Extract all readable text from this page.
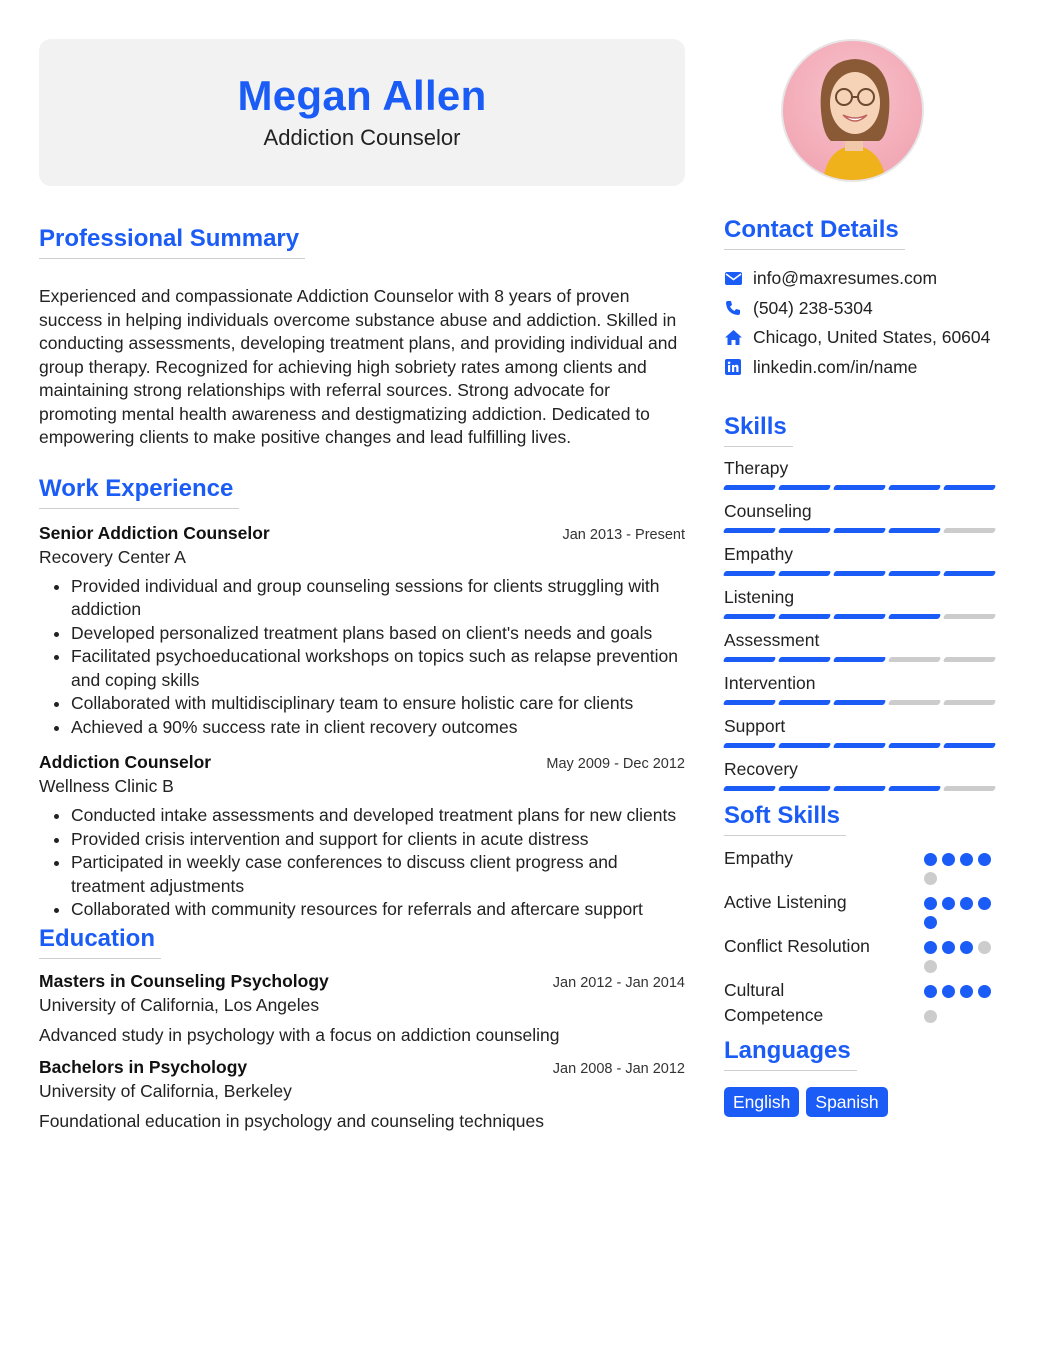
Megan Allen
Addiction Counselor
Professional Summary
Experienced and compassionate Addiction Counselor with 8 years of proven success in helping individuals overcome substance abuse and addiction. Skilled in conducting assessments, developing treatment plans, and providing individual and group therapy. Recognized for achieving high sobriety rates among clients and maintaining strong relationships with referral sources. Strong advocate for promoting mental health awareness and destigmatizing addiction. Dedicated to empowering clients to make positive changes and lead fulfilling lives.
Work Experience
Senior Addiction Counselor	Jan 2013 - Present
Recovery Center A
• Provided individual and group counseling sessions for clients struggling with addiction
• Developed personalized treatment plans based on client's needs and goals
• Facilitated psychoeducational workshops on topics such as relapse prevention and coping skills
• Collaborated with multidisciplinary team to ensure holistic care for clients
• Achieved a 90% success rate in client recovery outcomes
Addiction Counselor	May 2009 - Dec 2012
Wellness Clinic B
• Conducted intake assessments and developed treatment plans for new clients
• Provided crisis intervention and support for clients in acute distress
• Participated in weekly case conferences to discuss client progress and treatment adjustments
• Collaborated with community resources for referrals and aftercare support
Education
Masters in Counseling Psychology	Jan 2012 - Jan 2014
University of California, Los Angeles
Advanced study in psychology with a focus on addiction counseling
Bachelors in Psychology	Jan 2008 - Jan 2012
University of California, Berkeley
Foundational education in psychology and counseling techniques
Contact Details
info@maxresumes.com
(504) 238-5304
Chicago, United States, 60604
linkedin.com/in/name
Skills
Therapy
Counseling
Empathy
Listening
Assessment
Intervention
Support
Recovery
Soft Skills
Empathy
Active Listening
Conflict Resolution
Cultural Competence
Languages
English	Spanish
